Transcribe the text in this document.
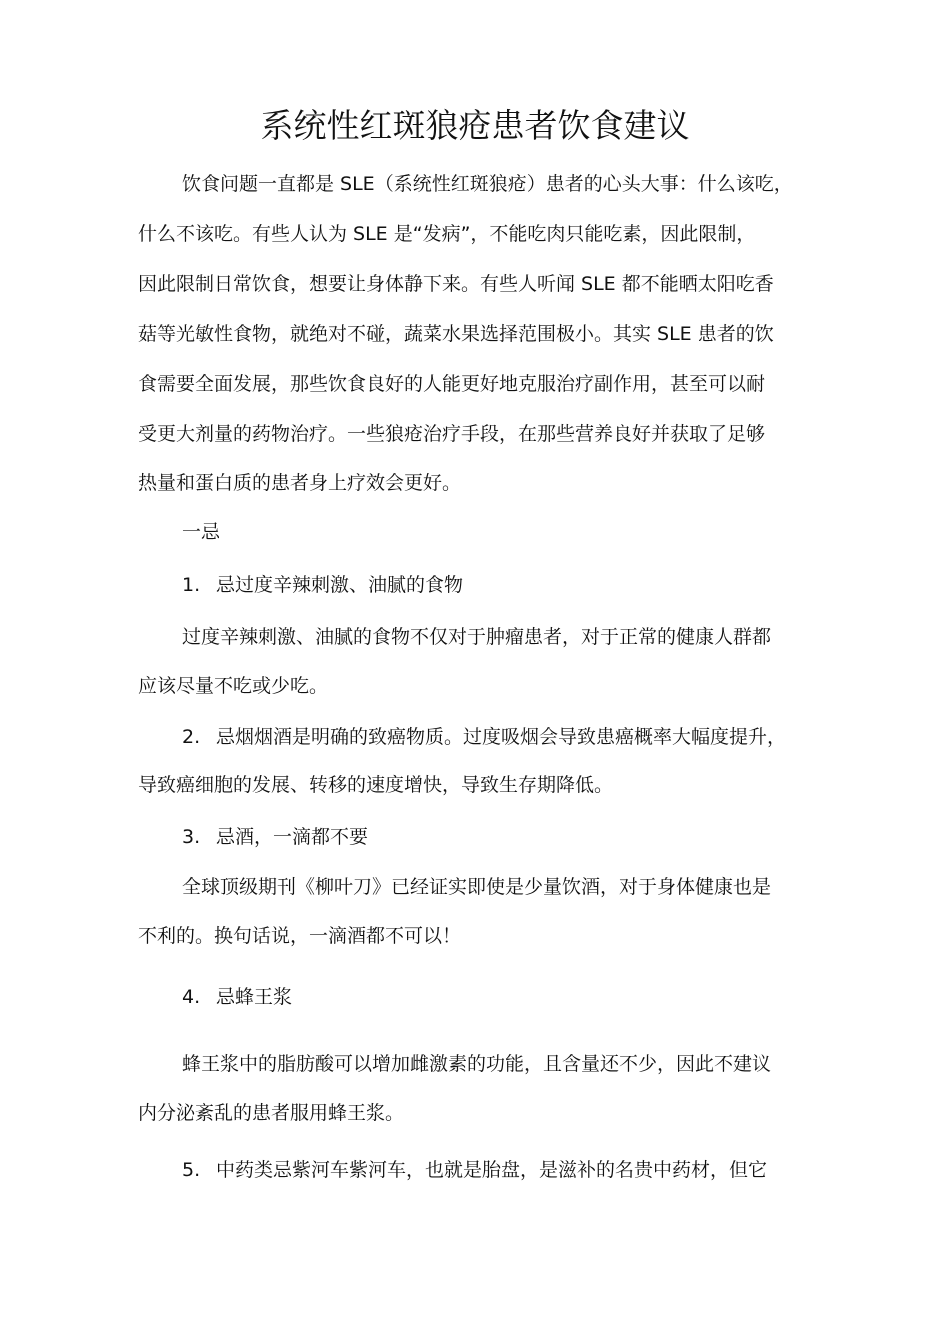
系统性红斑狼疮患者饮食建议

饮食问题一直都是 SLE（系统性红斑狼疮）患者的心头大事：什么该吃，

什么不该吃。有些人认为 SLE 是“发病”，不能吃肉只能吃素，因此限制，

因此限制日常饮食，想要让身体静下来。有些人听闻 SLE 都不能晒太阳吃香

菇等光敏性食物，就绝对不碰，蔬菜水果选择范围极小。其实 SLE 患者的饮

食需要全面发展，那些饮食良好的人能更好地克服治疗副作用，甚至可以耐

受更大剂量的药物治疗。一些狼疮治疗手段，在那些营养良好并获取了足够

热量和蛋白质的患者身上疗效会更好。

一忌

1. 忌过度辛辣刺激、油腻的食物

过度辛辣刺激、油腻的食物不仅对于肿瘤患者，对于正常的健康人群都

应该尽量不吃或少吃。

2. 忌烟烟酒是明确的致癌物质。过度吸烟会导致患癌概率大幅度提升，

导致癌细胞的发展、转移的速度增快，导致生存期降低。

3. 忌酒，一滴都不要

全球顶级期刊《柳叶刀》已经证实即使是少量饮酒，对于身体健康也是

不利的。换句话说，一滴酒都不可以！

4. 忌蜂王浆

蜂王浆中的脂肪酸可以增加雌激素的功能，且含量还不少，因此不建议

内分泌紊乱的患者服用蜂王浆。

5. 中药类忌紫河车紫河车，也就是胎盘，是滋补的名贵中药材，但它
